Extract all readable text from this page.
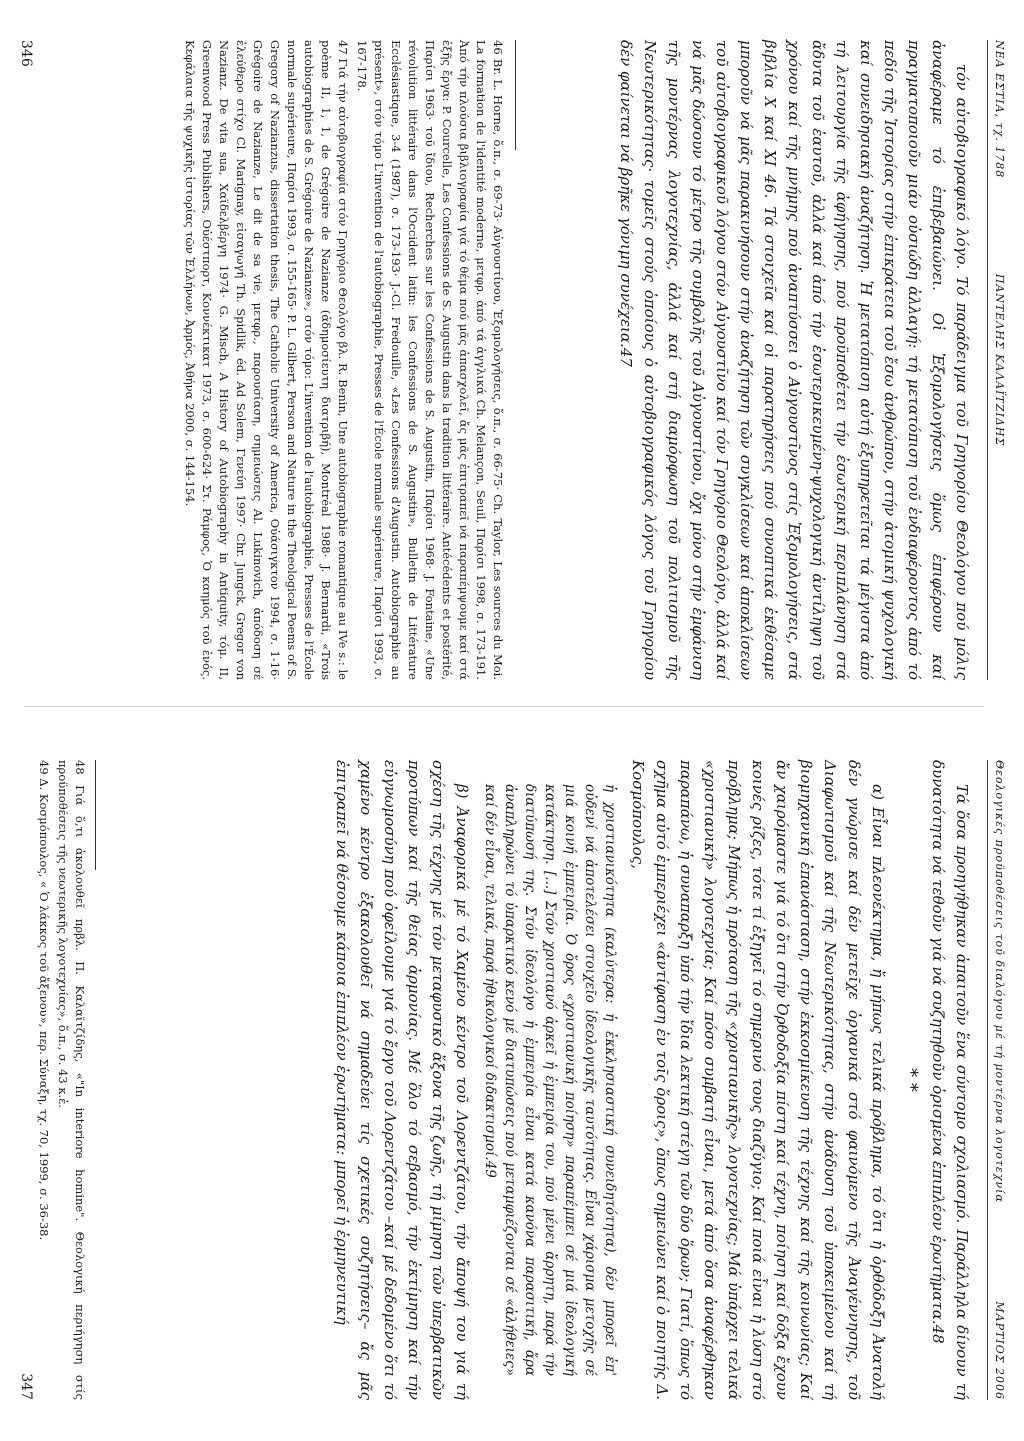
ΝΕΑ ΕΣΤΙΑ, τχ. 1788
ΠΑΝΤΕΛΗΣ ΚΑΛΑΪΤΖΙΔΗΣ

τόν αὐτοβιογραφικό λόγο. Τό παράδειγμα τοῦ Γρηγορίου Θεολόγου πού μόλις ἀναφέραμε τό ἐπιβεβαιώνει. Οἱ Ἐξομολογήσεις ὅμως ἐπιφέρουν καί πραγματοποιοῦν μιάν οὐσιώδη ἀλλαγή: τή μετατόπιση τοῦ ἐνδιαφέροντος ἀπό τό πεδίο τῆς Ἱστορίας στήν ἐπικράτεια τοῦ ἔσω ἀνθρώπου, στήν ἀτομική ψυχολογική καί συνειδησιακή ἀναζήτηση. Ἡ μετατόπιση αὐτή ἐξυπηρετεῖται τά μέγιστα ἀπό τή λειτουργία τῆς ἀφήγησης, πού προϋποθέτει τήν ἐσωτερική περιπλάνηση στά ἄδυτα τοῦ ἑαυτοῦ, ἀλλά καί ἀπό τήν ἐσωτερικευμένη-ψυχολογική ἀντίληψη τοῦ χρόνου καί τῆς μνήμης πού ἀναπτύσσει ὁ Αὐγουστῖνος στίς Ἐξομολογήσεις, στά βιβλία Χ καί XI 46. Τά στοιχεῖα καί οἱ παρατηρήσεις πού συνοπτικά ἐκθέσαμε μποροῦν νά μᾶς παρακινήσουν στήν ἀναζήτηση τῶν συγκλίσεων καί ἀποκλίσεων τοῦ αὐτοβιογραφικοῦ λόγου στόν Αὐγουστῖνο καί τόν Γρηγόριο Θεολόγο, ἀλλά καί νά μᾶς δώσουν τό μέτρο τῆς συμβολῆς τοῦ Αὐγουστίνου, ὄχι μόνο στήν ἐμφάνιση τῆς μοντέρνας λογοτεχνίας, ἀλλά καί στή διαμόρφωση τοῦ πολιτισμοῦ τῆς Νεωτερικότητας· τομεῖς στούς ὁποίους ὁ αὐτοβιογραφικός λόγος τοῦ Γρηγορίου δέν φαίνεται νά βρῆκε γόνιμη συνέχεια.47

46 Br. L. Horne, ὅ.π., σ. 69-73· Αὐγουστίνου, Ἐξομολογήσεις, ὅ.π., σ. 66-75· Ch. Taylor, Les sources du Moi. La formation de l'identité moderne, μετφρ. ἀπό τά ἀγγλικά Ch. Melançon, Seuil, Παρίσι 1998, σ. 173-191. Ἀπό τήν πλούσια βιβλιογραφία γιά τό θέμα πού μᾶς ἀπασχολεῖ, ἄς μᾶς ἐπιτραπεῖ νά παραπέμψουμε καί στά ἑξῆς ἔργα: P. Courcelle, Les Confessions de S. Augustin dans la tradition littéraire. Antécédents et postérité, Παρίσι 1963· τοῦ ἴδιου, Recherches sur les Confessions de S. Augustin, Παρίσι 1968· J. Fontaine, «Une révolution littéraire dans l'Occident latin: les Confessions de S. Augustin», Bulletin de Littérature Ecclésiastique, 3-4 (1987), σ. 173-193· J.-Cl. Fredouille, «Les Confessions d'Augustin. Autobiographie au présent», στόν τόμο L'invention de l'autobiographie, Presses de l'École normale supérieure, Παρίσι 1993, σ. 167-178.

47 Γιά τήν αὐτοβιογραφία στόν Γρηγόριο Θεολόγο βλ. R. Benin, Une autobiographie romantique au IVe s.: le poème II, 1, 1, de Grégoire de Nazianze (ἀδημοσίευτη διατριβή), Montréal 1988· J. Bernardi, «Trois autobiographies de S. Grégoire de Nazianze», στόν τόμο: L'invention de l'autobiographie, Presses de l'École normale supérieure, Παρίσι 1993, σ. 155-165· P. L. Gilbert, Person and Nature in the Theological Poems of S. Gregory of Nazianzus, dissertation thesis, The Catholic University of America, Οὐάσιγκτον 1994, σ. 1-16· Grégoire de Nazianze, Le dit de sa vie, μετφρ., παρουσίαση, σημειώσεις Al. Lukinovich, ἀπόδοση σέ ἐλεύθερο στίχο Cl. Marignay, εἰσαγωγή Th. Spidlik, éd. Ad Solem, Γενεύη 1997· Chr. Jungck, Gregor von Nazianz. De vita sua, Χαϊδελβέργη 1974· G. Misch, A History of Autobiography in Antiquity, τόμ. II, Greenwood Press Publishers, Οὐέστπορτ, Κοννέκτικατ 1973, σ. 600-624· Στ. Ράμφος, Ὁ καημός τοῦ ἑνός. Κεφάλαια τῆς ψυχικῆς ἱστορίας τῶν Ἑλλήνων, Ἀρμός, Ἀθήνα 2000, σ. 144-154.

346
Θεολογικές προϋποθέσεις τοῦ διαλόγου μέ τή μοντέρνα λογοτεχνία
ΜΑΡΤΙΟΣ 2006

Τά ὅσα προηγήθηκαν ἀπαιτοῦν ἕνα σύντομο σχολιασμό. Παράλληλα δίνουν τή δυνατότητα νά τεθοῦν γιά νά συζητηθοῦν ὁρισμένα ἐπιπλέον ἐρωτήματα.48

* *

α) Εἶναι πλεονέκτημα, ἤ μήπως τελικά πρόβλημα, τό ὅτι ἡ ὀρθόδοξη Ἀνατολή δέν γνώρισε καί δέν μετεῖχε ὀργανικά στό φαινόμενο τῆς Ἀναγέννησης, τοῦ Διαφωτισμοῦ καί τῆς Νεωτερικότητας, στήν ἀνάδυση τοῦ ὑποκειμένου καί τή βιομηχανική ἐπανάσταση, στήν ἐκκοσμίκευση τῆς τέχνης καί τῆς κοινωνίας; Καί ἄν χαιρόμαστε γιά τό ὅτι στήν Ὀρθοδοξία πίστη καί τέχνη, ποίηση καί δόξα ἔχουν κοινές ρίζες, τότε τί ἐξηγεῖ τό σημερινό τους διαζύγιο; Καί ποιά εἶναι ἡ λύση στό πρόβλημα; Μήπως ἡ πρόταση τῆς «χριστιανικῆς» λογοτεχνίας; Μά ὑπάρχει τελικά «χριστιανική» λογοτεχνία; Καί πόσο συμβατή εἶναι, μετά ἀπό ὅσα ἀναφέρθηκαν παραπάνω, ἡ συναπαρξη ὑπό τήν ἴδια λεκτική στέγη τῶν δύο ὅρων; Γιατί, ὅπως τό σχῆμα αὐτό ἐμπεριέχει «ἀντίφαση ἐν τοῖς ὅροις», ὅπως σημειώνει καί ὁ ποιητής Δ. Κοσμόπουλος,

ἡ χριστιανικότητα (καλύτερα: ἡ ἐκκλησιαστική συνειδητότητα), δέν μπορεῖ ἐπ' οὐδενί νά ἀποτελέσει στοιχεῖο ἰδεολογικῆς ταυτότητας. Εἶναι χάρισμα μετοχῆς σέ μιά κοινή ἐμπειρία. Ὁ ὅρος «χριστιανική ποίηση» παραπέμπει σέ μιά ἰδεολογική κατάκτηση. [...] Στόν χριστιανό ἀρκεῖ ἡ ἐμπειρία του, πού μένει ἄρρητη, παρά τήν διατύπωσή της. Στόν ἰδεολόγο ἡ ἐμπειρία εἶναι κατά κανόνα παρασιτική, ἄρα ἀναπληρώνει τό ὑπαρκτικό κενό μέ διατυπώσεις πού μεταμφιέζονται σέ «ἀλήθειες» καί δέν εἶναι, τελικά, παρά ἠθικολογικοί διδακτισμοί.49

β) Ἀναφορικά μέ τό Χαμένο κέντρο τοῦ Λορεντζάτου, τήν ἄποψή του γιά τή σχέση τῆς τέχνης μέ τόν μεταφυσικό ἄξονα τῆς ζωῆς, τή μίμηση τῶν ὑπερβατικῶν προτύπων καί τῆς θείας ἁρμονίας. Μέ ὅλο τό σεβασμό, τήν ἐκτίμηση καί τήν εὐγνωμοσύνη πού ὀφείλουμε γιά τό ἔργο τοῦ Λορεντζάτου –καί μέ δεδομένο ὅτι τό χαμένο κέντρο ἐξακολουθεῖ νά σημαδεύει τίς σχετικές συζητήσεις– ἄς μᾶς ἐπιτραπεῖ νά θέσουμε κάποια ἐπιπλέον ἐρωτήματα: μπορεῖ ἡ ἑρμηνευτική

48 Γιά ὅ,τι ἀκολουθεῖ πρβλ. Π. Καλαϊτζίδης, «"In interiore homine". Θεολογική περιήγηση στίς προϋποθέσεις τῆς νεωτερικῆς λογοτεχνίας», ὅ.π., σ. 43 κ.ἑ.

49 Δ. Κοσμόπουλος, « Ὁ λάκκος τοῦ ἄξενου», περ. Σύναξη, τχ. 70, 1999, σ. 36-38.

347
